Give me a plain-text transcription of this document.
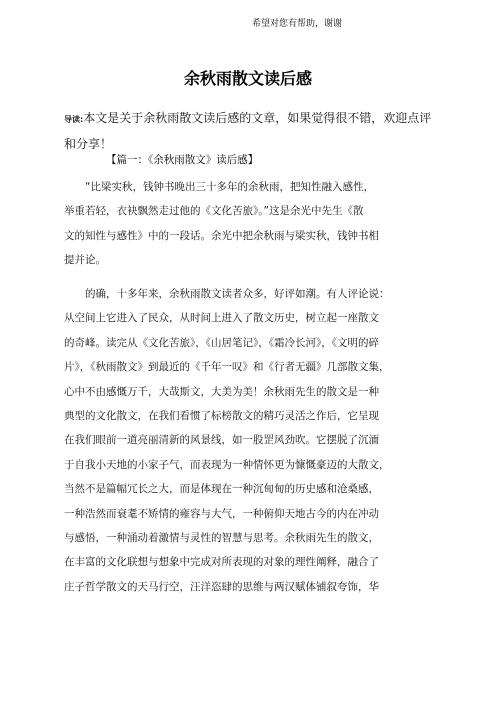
希望对您有帮助，谢谢
余秋雨散文读后感
导读:本文是关于余秋雨散文读后感的文章，如果觉得很不错，欢迎点评和分享！
【篇一：《余秋雨散文》读后感】
　　“比梁实秋，钱钟书晚出三十多年的余秋雨，把知性融入感性，
举重若轻，衣袂飘然走过他的《文化苦旅》。”这是余光中先生《散
文的知性与感性》中的一段话。余光中把余秋雨与梁实秋，钱钟书相
提并论。
　　的确，十多年来，余秋雨散文读者众多，好评如潮。有人评论说：
从空间上它进入了民众，从时间上进入了散文历史，树立起一座散文
的奇峰。读完从《文化苦旅》，《山居笔记》，《霜冷长河》，《文明的碎
片》，《秋雨散文》到最近的《千年一叹》和《行者无疆》几部散文集，
心中不由感慨万千，大哉斯文，大美为美！余秋雨先生的散文是一种
典型的文化散文，在我们看惯了标榜散文的精巧灵活之作后，它呈现
在我们眼前一道亮丽清新的风景线，如一股罡风劲吹。它摆脱了沉湎
于自我小天地的小家子气，而表现为一种情怀更为慷慨豪迈的大散文，
当然不是篇幅冗长之大，而是体现在一种沉甸甸的历史感和沧桑感，
一种浩然而衰耄不矫情的雍容与大气，一种俯仰天地古今的内在冲动
与感悟，一种涌动着激情与灵性的智慧与思考。余秋雨先生的散文，
在丰富的文化联想与想象中完成对所表现的对象的理性阐释，融合了
庄子哲学散文的天马行空，汪洋恣肆的思维与两汉赋体铺叙夸饰，华
